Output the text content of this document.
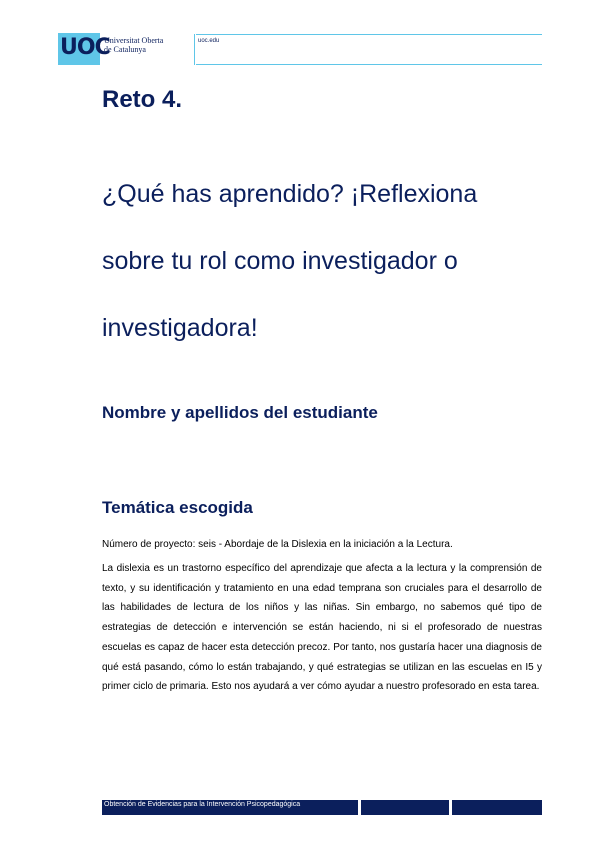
UOC
Universitat Oberta
de Catalunya
uoc.edu
Reto 4.
¿Qué has aprendido? ¡Reflexiona sobre tu rol como investigador o investigadora!
Nombre y apellidos del estudiante
Temática escogida
Número de proyecto: seis - Abordaje de la Dislexia en la iniciación a la Lectura.
La dislexia es un trastorno específico del aprendizaje que afecta a la lectura y la comprensión de texto, y su identificación y tratamiento en una edad temprana son cruciales para el desarrollo de las habilidades de lectura de los niños y las niñas. Sin embargo, no sabemos qué tipo de estrategias de detección e intervención se están haciendo, ni si el profesorado de nuestras escuelas es capaz de hacer esta detección precoz. Por tanto, nos gustaría hacer una diagnosis de qué está pasando, cómo lo están trabajando, y qué estrategias se utilizan en las escuelas en I5 y primer ciclo de primaria. Esto nos ayudará a ver cómo ayudar a nuestro profesorado en esta tarea.
Obtención de Evidencias para la Intervención Psicopedagógica
